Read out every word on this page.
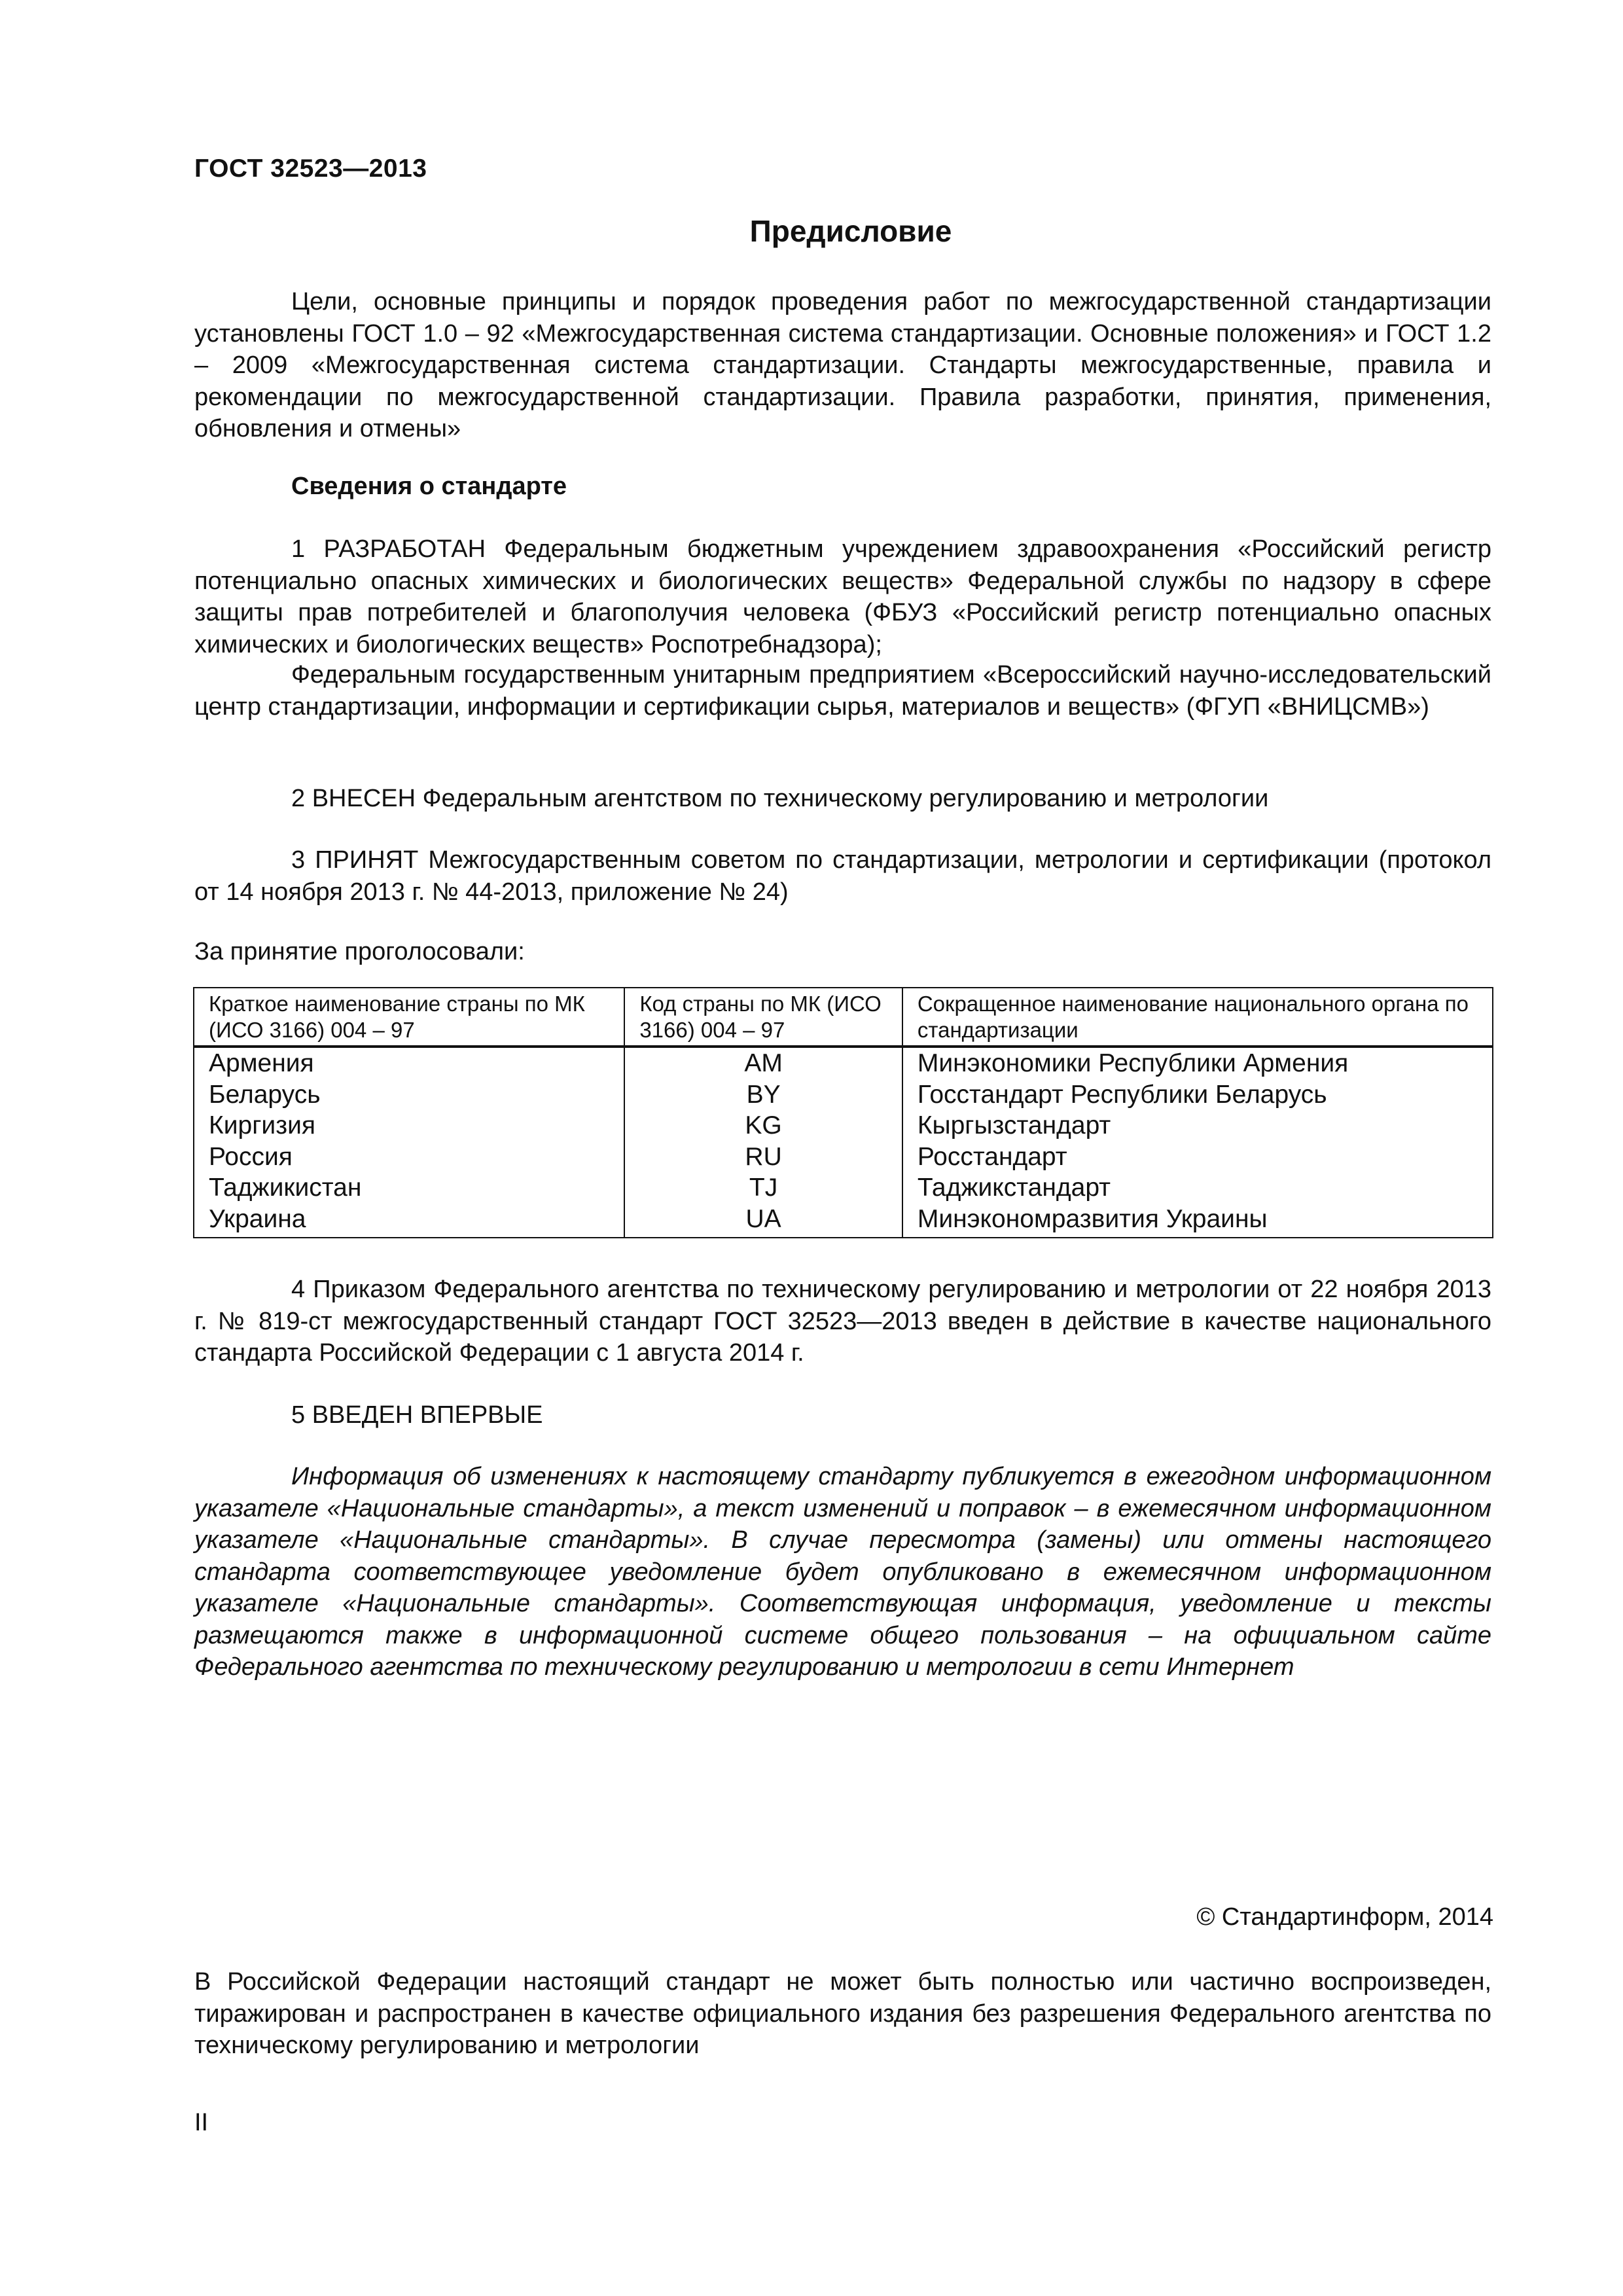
ГОСТ 32523—2013
Предисловие

Цели, основные принципы и порядок проведения работ по межгосударственной стандартизации установлены ГОСТ 1.0 – 92 «Межгосударственная система стандартизации. Основные положения» и ГОСТ 1.2 – 2009 «Межгосударственная система стандартизации. Стандарты межгосударственные, правила и рекомендации по межгосударственной стандартизации. Правила разработки, принятия, применения, обновления и отмены»

Сведения о стандарте

1 РАЗРАБОТАН Федеральным бюджетным учреждением здравоохранения «Российский регистр потенциально опасных химических и биологических веществ» Федеральной службы по надзору в сфере защиты прав потребителей и благополучия человека (ФБУЗ «Российский регистр потенциально опасных химических и биологических веществ» Роспотребнадзора);

Федеральным государственным унитарным предприятием «Всероссийский научно-исследовательский центр стандартизации, информации и сертификации сырья, материалов и веществ» (ФГУП «ВНИЦСМВ»)

2 ВНЕСЕН Федеральным агентством по техническому регулированию и метрологии

3 ПРИНЯТ Межгосударственным советом по стандартизации, метрологии и сертификации (протокол от 14 ноября 2013 г. № 44-2013, приложение № 24)

За принятие проголосовали:
Краткое наименование страны по МК (ИСО 3166) 004 – 97	Код страны по МК (ИСО 3166) 004 – 97	Сокращенное наименование национального органа по стандартизации
Армения	AM	Минэкономики Республики Армения
Беларусь	BY	Госстандарт Республики Беларусь
Киргизия	KG	Кыргызстандарт
Россия	RU	Росстандарт
Таджикистан	TJ	Таджикстандарт
Украина	UA	Минэкономразвития Украины

4 Приказом Федерального агентства по техническому регулированию и метрологии от 22 ноября 2013 г. № 819-ст межгосударственный стандарт ГОСТ 32523—2013 введен в действие в качестве национального стандарта Российской Федерации с 1 августа 2014 г.

5 ВВЕДЕН ВПЕРВЫЕ

Информация об изменениях к настоящему стандарту публикуется в ежегодном информационном указателе «Национальные стандарты», а текст изменений и поправок – в ежемесячном информационном указателе «Национальные стандарты». В случае пересмотра (замены) или отмены настоящего стандарта соответствующее уведомление будет опубликовано в ежемесячном информационном указателе «Национальные стандарты». Соответствующая информация, уведомление и тексты размещаются также в информационной системе общего пользования – на официальном сайте Федерального агентства по техническому регулированию и метрологии в сети Интернет

© Стандартинформ, 2014

В Российской Федерации настоящий стандарт не может быть полностью или частично воспроизведен, тиражирован и распространен в качестве официального издания без разрешения Федерального агентства по техническому регулированию и метрологии

II
